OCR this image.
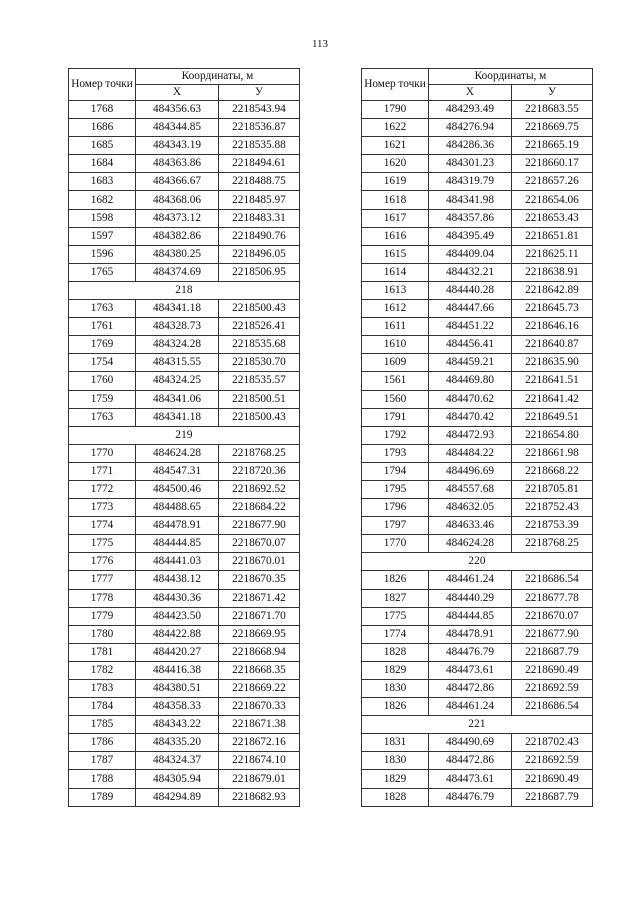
113
Номер точки	Координаты, м	
	Х	У
1768	484356.63	2218543.94
1686	484344.85	2218536.87
1685	484343.19	2218535.88
1684	484363.86	2218494.61
1683	484366.67	2218488.75
1682	484368.06	2218485.97
1598	484373.12	2218483.31
1597	484382.86	2218490.76
1596	484380.25	2218496.05
1765	484374.69	2218506.95
218		
1763	484341.18	2218500.43
1761	484328.73	2218526.41
1769	484324.28	2218535.68
1754	484315.55	2218530.70
1760	484324.25	2218535.57
1759	484341.06	2218500.51
1763	484341.18	2218500.43
219		
1770	484624.28	2218768.25
1771	484547.31	2218720.36
1772	484500.46	2218692.52
1773	484488.65	2218684.22
1774	484478.91	2218677.90
1775	484444.85	2218670.07
1776	484441.03	2218670.01
1777	484438.12	2218670.35
1778	484430.36	2218671.42
1779	484423.50	2218671.70
1780	484422.88	2218669.95
1781	484420.27	2218668.94
1782	484416.38	2218668.35
1783	484380.51	2218669.22
1784	484358.33	2218670.33
1785	484343.22	2218671.38
1786	484335.20	2218672.16
1787	484324.37	2218674.10
1788	484305.94	2218679.01
1789	484294.89	2218682.93
Номер точки	Координаты, м	
	Х	У
1790	484293.49	2218683.55
1622	484276.94	2218669.75
1621	484286.36	2218665.19
1620	484301.23	2218660.17
1619	484319.79	2218657.26
1618	484341.98	2218654.06
1617	484357.86	2218653.43
1616	484395.49	2218651.81
1615	484409.04	2218625.11
1614	484432.21	2218638.91
1613	484440.28	2218642.89
1612	484447.66	2218645.73
1611	484451.22	2218646.16
1610	484456.41	2218640.87
1609	484459.21	2218635.90
1561	484469.80	2218641.51
1560	484470.62	2218641.42
1791	484470.42	2218649.51
1792	484472.93	2218654.80
1793	484484.22	2218661.98
1794	484496.69	2218668.22
1795	484557.68	2218705.81
1796	484632.05	2218752.43
1797	484633.46	2218753.39
1770	484624.28	2218768.25
220		
1826	484461.24	2218686.54
1827	484440.29	2218677.78
1775	484444.85	2218670.07
1774	484478.91	2218677.90
1828	484476.79	2218687.79
1829	484473.61	2218690.49
1830	484472.86	2218692.59
1826	484461.24	2218686.54
221		
1831	484490.69	2218702.43
1830	484472.86	2218692.59
1829	484473.61	2218690.49
1828	484476.79	2218687.79
